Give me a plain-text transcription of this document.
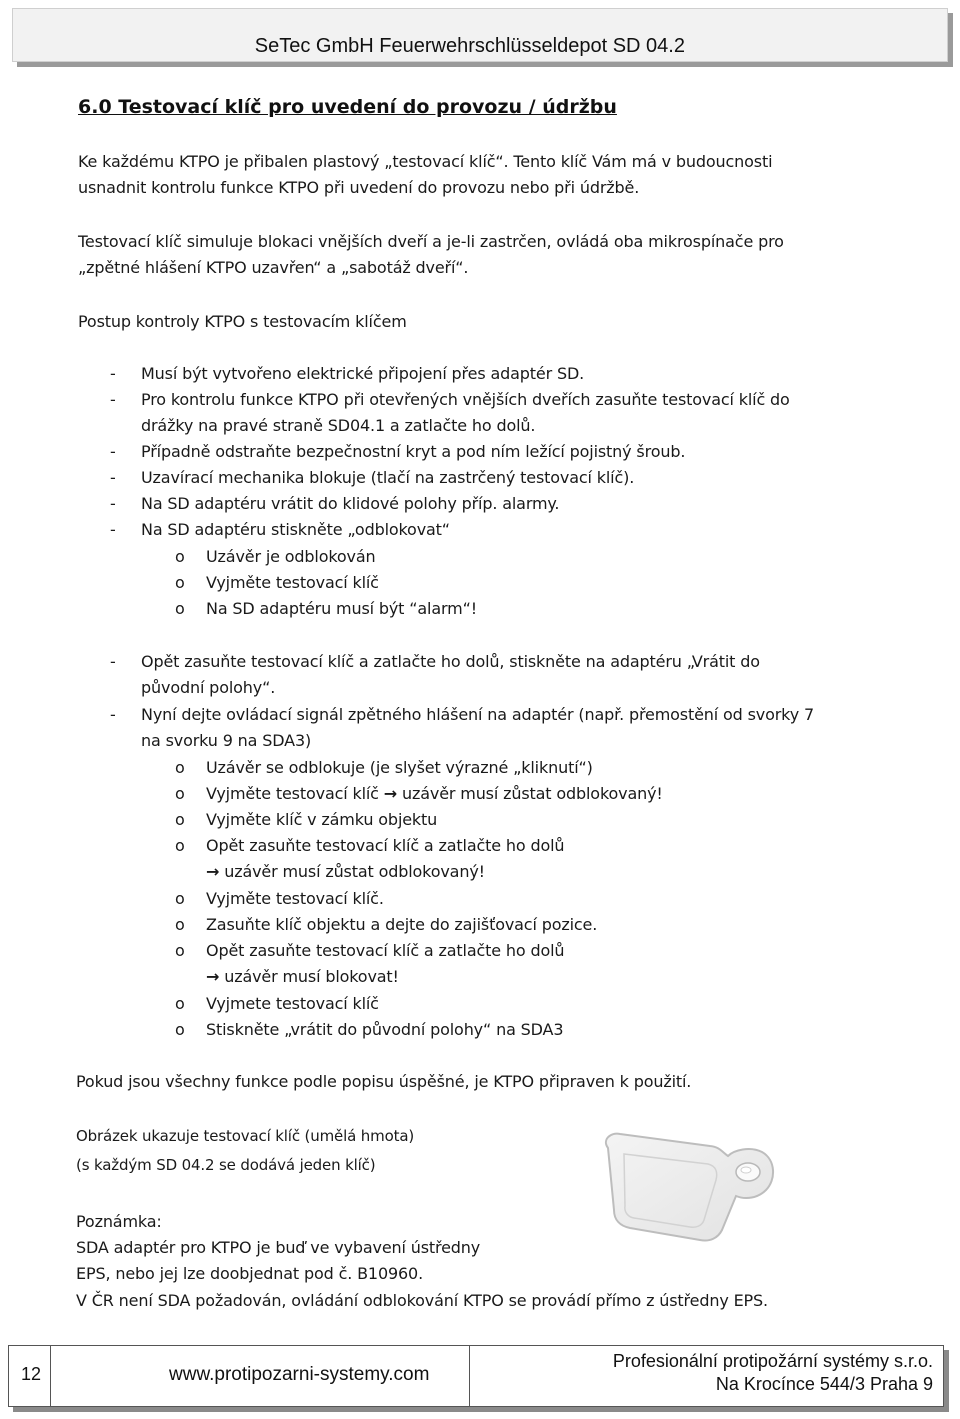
SeTec GmbH Feuerwehrschlüsseldepot SD 04.2
6.0 Testovací klíč pro uvedení do provozu / údržbu
Ke každému KTPO je přibalen plastový „testovací klíč“. Tento klíč Vám má v budoucnosti
usnadnit kontrolu funkce KTPO při uvedení do provozu nebo při údržbě.
Testovací klíč simuluje blokaci vnějších dveří a je-li zastrčen, ovládá oba mikrospínače pro
„zpětné hlášení KTPO uzavřen“ a „sabotáž dveří“.
Postup kontroly KTPO s testovacím klíčem
- Musí být vytvořeno elektrické připojení přes adaptér SD.
- Pro kontrolu funkce KTPO při otevřených vnějších dveřích zasuňte testovací klíč do
drážky na pravé straně SD04.1 a zatlačte ho dolů.
- Případně odstraňte bezpečnostní kryt a pod ním ležící pojistný šroub.
- Uzavírací mechanika blokuje (tlačí na zastrčený testovací klíč).
- Na SD adaptéru vrátit do klidové polohy příp. alarmy.
- Na SD adaptéru stiskněte „odblokovat“
o Uzávěr je odblokován
o Vyjměte testovací klíč
o Na SD adaptéru musí být “alarm“!
- Opět zasuňte testovací klíč a zatlačte ho dolů, stiskněte na adaptéru „Vrátit do
původní polohy“.
- Nyní dejte ovládací signál zpětného hlášení na adaptér (např. přemostění od svorky 7
na svorku 9 na SDA3)
o Uzávěr se odblokuje (je slyšet výrazné „kliknutí“)
o Vyjměte testovací klíč → uzávěr musí zůstat odblokovaný!
o Vyjměte klíč v zámku objektu
o Opět zasuňte testovací klíč a zatlačte ho dolů
→ uzávěr musí zůstat odblokovaný!
o Vyjměte testovací klíč.
o Zasuňte klíč objektu a dejte do zajišťovací pozice.
o Opět zasuňte testovací klíč a zatlačte ho dolů
→ uzávěr musí blokovat!
o Vyjmete testovací klíč
o Stiskněte „vrátit do původní polohy“ na SDA3
Pokud jsou všechny funkce podle popisu úspěšné, je KTPO připraven k použití.
Obrázek ukazuje testovací klíč (umělá hmota)
(s každým SD 04.2 se dodává jeden klíč)
Poznámka:
SDA adaptér pro KTPO je buď ve vybavení ústředny
EPS, nebo jej lze doobjednat pod č. B10960.
V ČR není SDA požadován, ovládání odblokování KTPO se provádí přímo z ústředny EPS.
12	www.protipozarni-systemy.com
Profesionální protipožární systémy s.r.o.
Na Krocínce 544/3 Praha 9
